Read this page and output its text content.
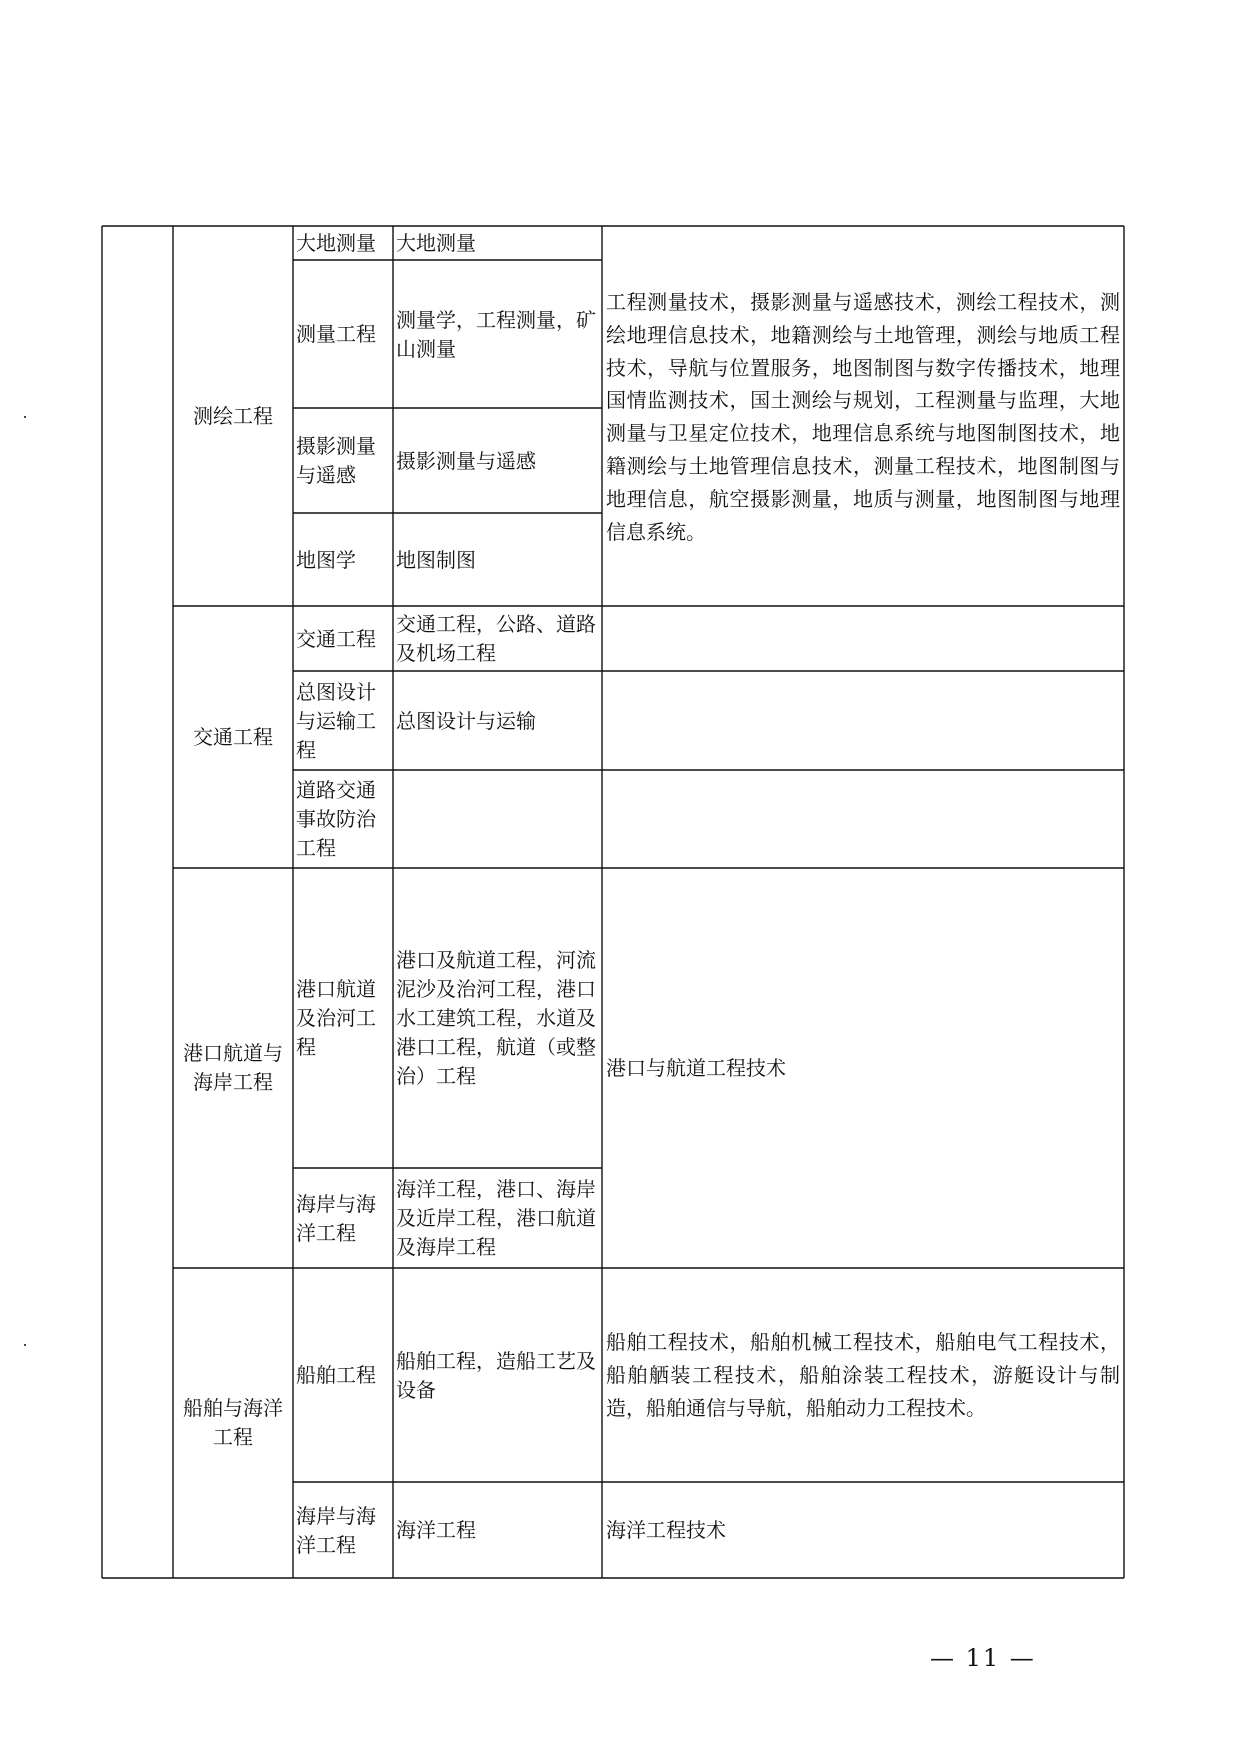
测绘工程
大地测量 大地测量
测量工程
测量学，工程测量，矿山测量
摄影测量与遥感
摄影测量与遥感
地图学 地图制图
工程测量技术，摄影测量与遥感技术，测绘工程技术，测绘地理信息技术，地籍测绘与土地管理，测绘与地质工程技术，导航与位置服务，地图制图与数字传播技术，地理国情监测技术，国土测绘与规划，工程测量与监理，大地测量与卫星定位技术，地理信息系统与地图制图技术，地籍测绘与土地管理信息技术，测量工程技术，地图制图与地理信息，航空摄影测量，地质与测量，地图制图与地理信息系统。
交通工程
交通工程
交通工程，公路、道路及机场工程
总图设计与运输工程
总图设计与运输
道路交通事故防治工程
港口航道与海岸工程
港口航道及治河工程
港口及航道工程，河流泥沙及治河工程，港口水工建筑工程，水道及港口工程，航道（或整治）工程
海岸与海洋工程
海洋工程，港口、海岸及近岸工程，港口航道及海岸工程
港口与航道工程技术
船舶与海洋工程
船舶工程
船舶工程，造船工艺及设备
船舶工程技术，船舶机械工程技术，船舶电气工程技术，船舶舾装工程技术，船舶涂装工程技术，游艇设计与制造，船舶通信与导航，船舶动力工程技术。
海岸与海洋工程
海洋工程	海洋工程技术
— 11 —
